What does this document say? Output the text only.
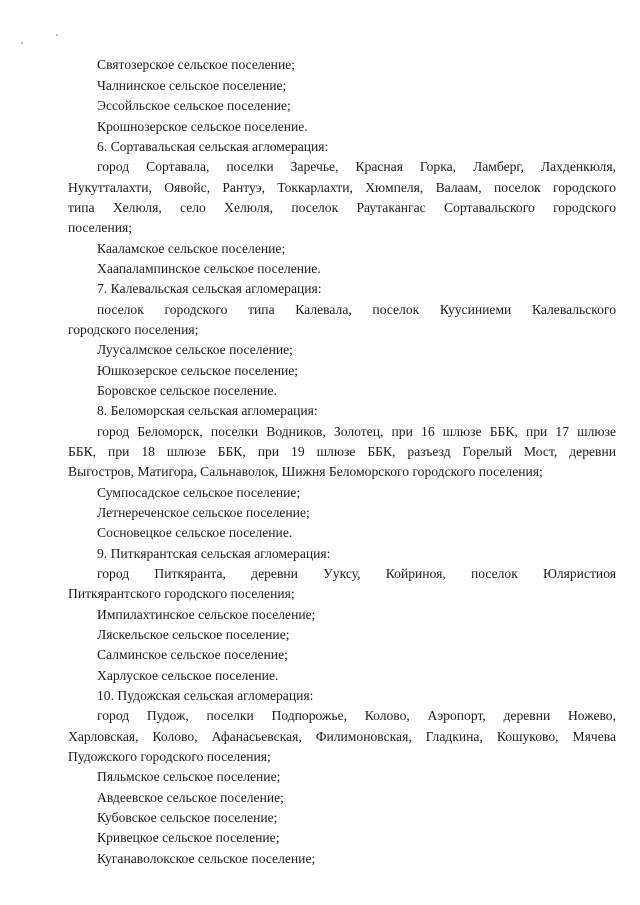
Святозерское сельское поселение;
Чалнинское сельское поселение;
Эссойльское сельское поселение;
Крошнозерское сельское поселение.
6. Сортавальская сельская агломерация:
город Сортавала, поселки Заречье, Красная Горка, Ламберг, Лахденкюля,
Нукутталахти, Оявойс, Рантуэ, Токкарлахти, Хюмпеля, Валаам, поселок городского
типа Хелюля, село Хелюля, поселок Раутакангас Сортавальского городского
поселения;
Кааламское сельское поселение;
Хаапалампинское сельское поселение.
7. Калевальская сельская агломерация:
поселок городского типа Калевала, поселок Куусиниеми Калевальского
городского поселения;
Луусалмское сельское поселение;
Юшкозерское сельское поселение;
Боровское сельское поселение.
8. Беломорская сельская агломерация:
город Беломорск, поселки Водников, Золотец, при 16 шлюзе ББК, при 17 шлюзе
ББК, при 18 шлюзе ББК, при 19 шлюзе ББК, разъезд Горелый Мост, деревни
Выгостров, Матигора, Сальнаволок, Шижня Беломорского городского поселения;
Сумпосадское сельское поселение;
Летнереченское сельское поселение;
Сосновецкое сельское поселение.
9. Питкярантская сельская агломерация:
город Питкяранта, деревни Ууксу, Койриноя, поселок Юляристиоя
Питкярантского городского поселения;
Импилахтинское сельское поселение;
Ляскельское сельское поселение;
Салминское сельское поселение;
Харлуское сельское поселение.
10. Пудожская сельская агломерация:
город Пудож, поселки Подпорожье, Колово, Аэропорт, деревни Ножево,
Харловская, Колово, Афанасьевская, Филимоновская, Гладкина, Кошуково, Мячева
Пудожского городского поселения;
Пяльмское сельское поселение;
Авдеевское сельское поселение;
Кубовское сельское поселение;
Кривецкое сельское поселение;
Куганаволокское сельское поселение;
